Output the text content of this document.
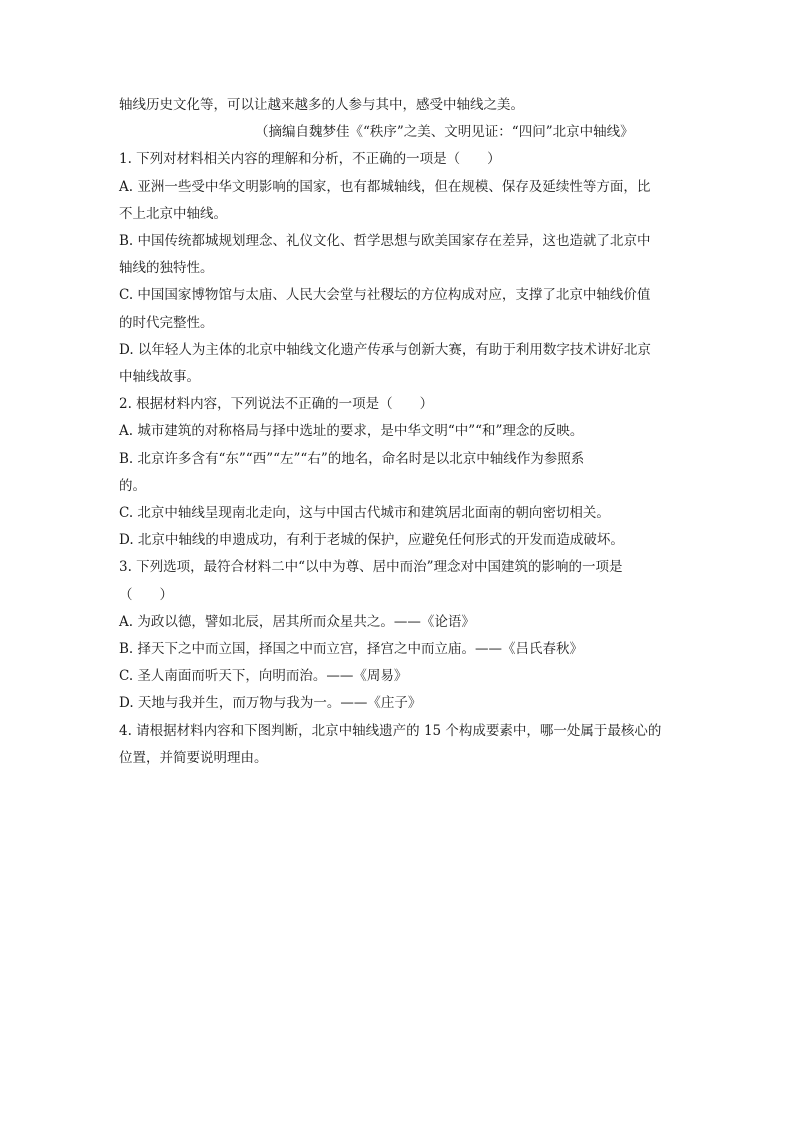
轴线历史文化等，可以让越来越多的人参与其中，感受中轴线之美。
（摘编自魏梦佳《“秩序”之美、文明见证：“四问”北京中轴线》
1. 下列对材料相关内容的理解和分析，不正确的一项是（　　）
A. 亚洲一些受中华文明影响的国家，也有都城轴线，但在规模、保存及延续性等方面，比
不上北京中轴线。
B. 中国传统都城规划理念、礼仪文化、哲学思想与欧美国家存在差异，这也造就了北京中
轴线的独特性。
C. 中国国家博物馆与太庙、人民大会堂与社稷坛的方位构成对应，支撑了北京中轴线价值
的时代完整性。
D. 以年轻人为主体的北京中轴线文化遗产传承与创新大赛，有助于利用数字技术讲好北京
中轴线故事。
2. 根据材料内容，下列说法不正确的一项是（　　）
A. 城市建筑的对称格局与择中选址的要求，是中华文明“中”“和”理念的反映。
B. 北京许多含有“东”“西”“左”“右”的地名，命名时是以北京中轴线作为参照系
的。
C. 北京中轴线呈现南北走向，这与中国古代城市和建筑居北面南的朝向密切相关。
D. 北京中轴线的申遗成功，有利于老城的保护，应避免任何形式的开发而造成破坏。
3. 下列选项，最符合材料二中“以中为尊、居中而治”理念对中国建筑的影响的一项是
（　　）
A. 为政以德，譬如北辰，居其所而众星共之。——《论语》
B. 择天下之中而立国，择国之中而立宫，择宫之中而立庙。——《吕氏春秋》
C. 圣人南面而听天下，向明而治。——《周易》
D. 天地与我并生，而万物与我为一。——《庄子》
4. 请根据材料内容和下图判断，北京中轴线遗产的 15 个构成要素中，哪一处属于最核心的
位置，并简要说明理由。
